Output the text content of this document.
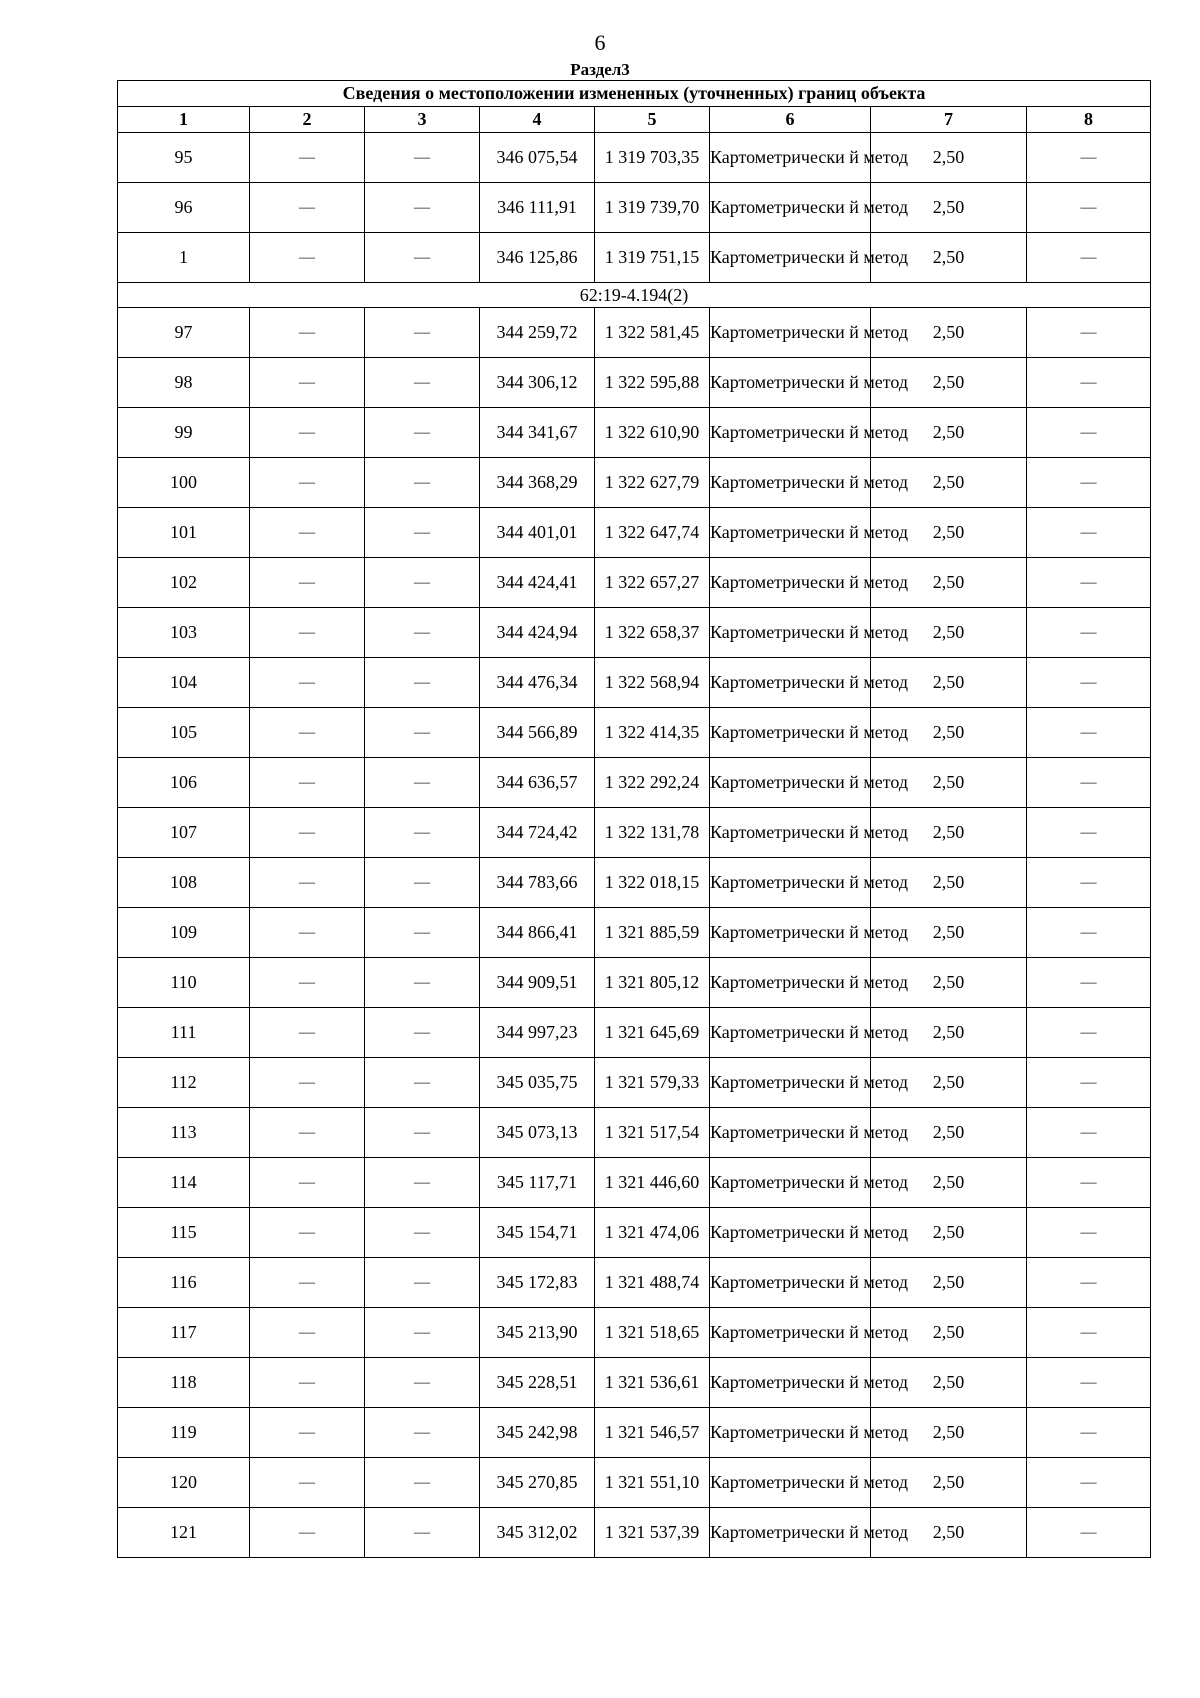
6
Раздел3
Сведения о местоположении измененных (уточненных) границ объекта							
1	2	3	4	5	6	7	8
95	—	—	346 075,54	1 319 703,35	Картометрически й метод	2,50	—
96	—	—	346 111,91	1 319 739,70	Картометрически й метод	2,50	—
1	—	—	346 125,86	1 319 751,15	Картометрически й метод	2,50	—
62:19-4.194(2)							
97	—	—	344 259,72	1 322 581,45	Картометрически й метод	2,50	—
98	—	—	344 306,12	1 322 595,88	Картометрически й метод	2,50	—
99	—	—	344 341,67	1 322 610,90	Картометрически й метод	2,50	—
100	—	—	344 368,29	1 322 627,79	Картометрически й метод	2,50	—
101	—	—	344 401,01	1 322 647,74	Картометрически й метод	2,50	—
102	—	—	344 424,41	1 322 657,27	Картометрически й метод	2,50	—
103	—	—	344 424,94	1 322 658,37	Картометрически й метод	2,50	—
104	—	—	344 476,34	1 322 568,94	Картометрически й метод	2,50	—
105	—	—	344 566,89	1 322 414,35	Картометрически й метод	2,50	—
106	—	—	344 636,57	1 322 292,24	Картометрически й метод	2,50	—
107	—	—	344 724,42	1 322 131,78	Картометрически й метод	2,50	—
108	—	—	344 783,66	1 322 018,15	Картометрически й метод	2,50	—
109	—	—	344 866,41	1 321 885,59	Картометрически й метод	2,50	—
110	—	—	344 909,51	1 321 805,12	Картометрически й метод	2,50	—
111	—	—	344 997,23	1 321 645,69	Картометрически й метод	2,50	—
112	—	—	345 035,75	1 321 579,33	Картометрически й метод	2,50	—
113	—	—	345 073,13	1 321 517,54	Картометрически й метод	2,50	—
114	—	—	345 117,71	1 321 446,60	Картометрически й метод	2,50	—
115	—	—	345 154,71	1 321 474,06	Картометрически й метод	2,50	—
116	—	—	345 172,83	1 321 488,74	Картометрически й метод	2,50	—
117	—	—	345 213,90	1 321 518,65	Картометрически й метод	2,50	—
118	—	—	345 228,51	1 321 536,61	Картометрически й метод	2,50	—
119	—	—	345 242,98	1 321 546,57	Картометрически й метод	2,50	—
120	—	—	345 270,85	1 321 551,10	Картометрически й метод	2,50	—
121	—	—	345 312,02	1 321 537,39	Картометрически й метод	2,50	—
